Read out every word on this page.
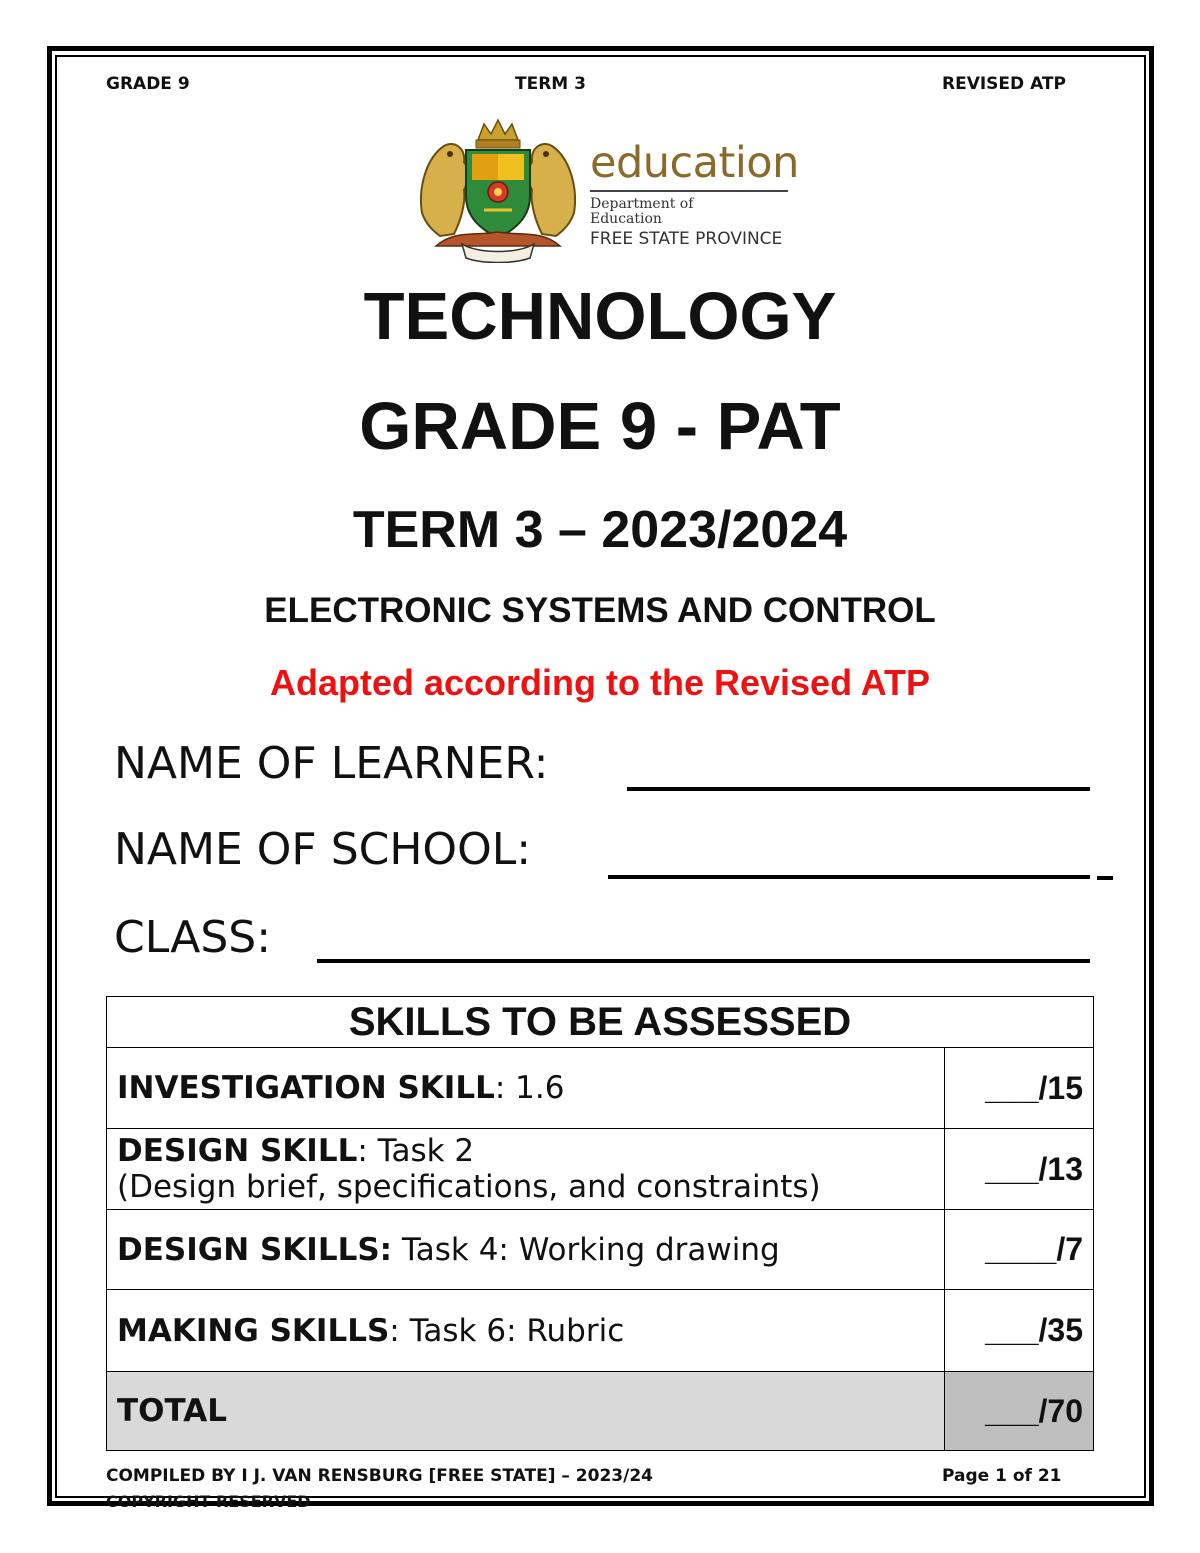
GRADE 9	TERM 3	REVISED ATP
education
Department of
Education
FREE STATE PROVINCE
TECHNOLOGY
GRADE 9 - PAT
TERM 3 – 2023/2024
ELECTRONIC SYSTEMS AND CONTROL
Adapted according to the Revised ATP
NAME OF LEARNER:
NAME OF SCHOOL:
CLASS:
SKILLS TO BE ASSESSED	
INVESTIGATION SKILL: 1.6	___/15
DESIGN SKILL: Task 2
(Design brief, specifications, and constraints)	___/13
DESIGN SKILLS: Task 4: Working drawing	____/7
MAKING SKILLS: Task 6: Rubric	___/35
TOTAL	___/70
COMPILED BY I J. VAN RENSBURG [FREE STATE] – 2023/24	Page 1 of 21
COPYRIGHT RESERVED
